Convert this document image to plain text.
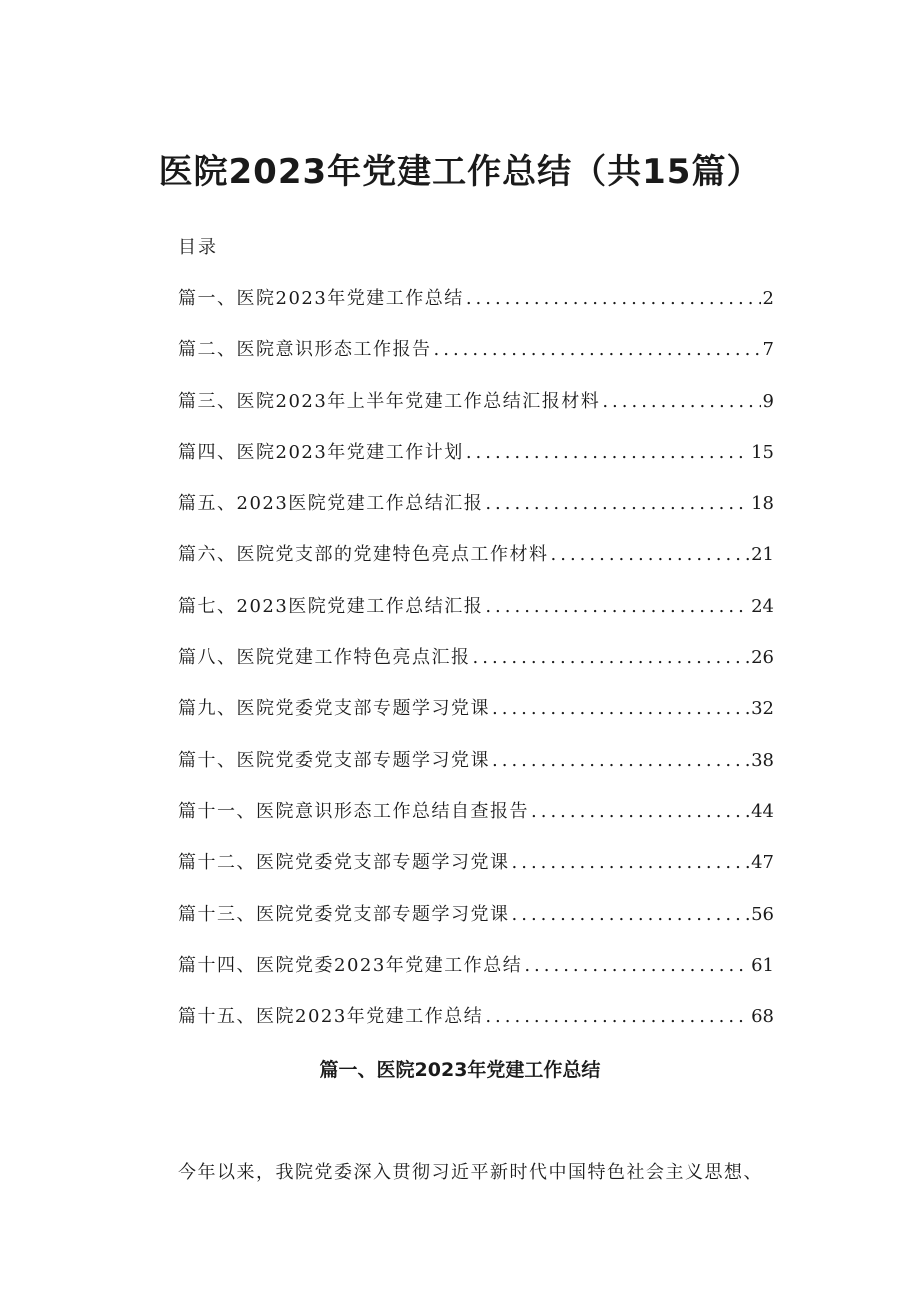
医院2023年党建工作总结（共15篇）
目录
篇一、医院2023年党建工作总结 .....	2
篇二、医院意识形态工作报告 .....	7
篇三、医院2023年上半年党建工作总结汇报材料 .....	9
篇四、医院2023年党建工作计划 .....	15
篇五、2023医院党建工作总结汇报 .....	18
篇六、医院党支部的党建特色亮点工作材料 .....	21
篇七、2023医院党建工作总结汇报 .....	24
篇八、医院党建工作特色亮点汇报 .....	26
篇九、医院党委党支部专题学习党课 .....	32
篇十、医院党委党支部专题学习党课 .....	38
篇十一、医院意识形态工作总结自查报告 .....	44
篇十二、医院党委党支部专题学习党课 .....	47
篇十三、医院党委党支部专题学习党课 .....	56
篇十四、医院党委2023年党建工作总结 .....	61
篇十五、医院2023年党建工作总结 .....	68
篇一、医院2023年党建工作总结

今年以来，我院党委深入贯彻习近平新时代中国特色社会主义思想、
